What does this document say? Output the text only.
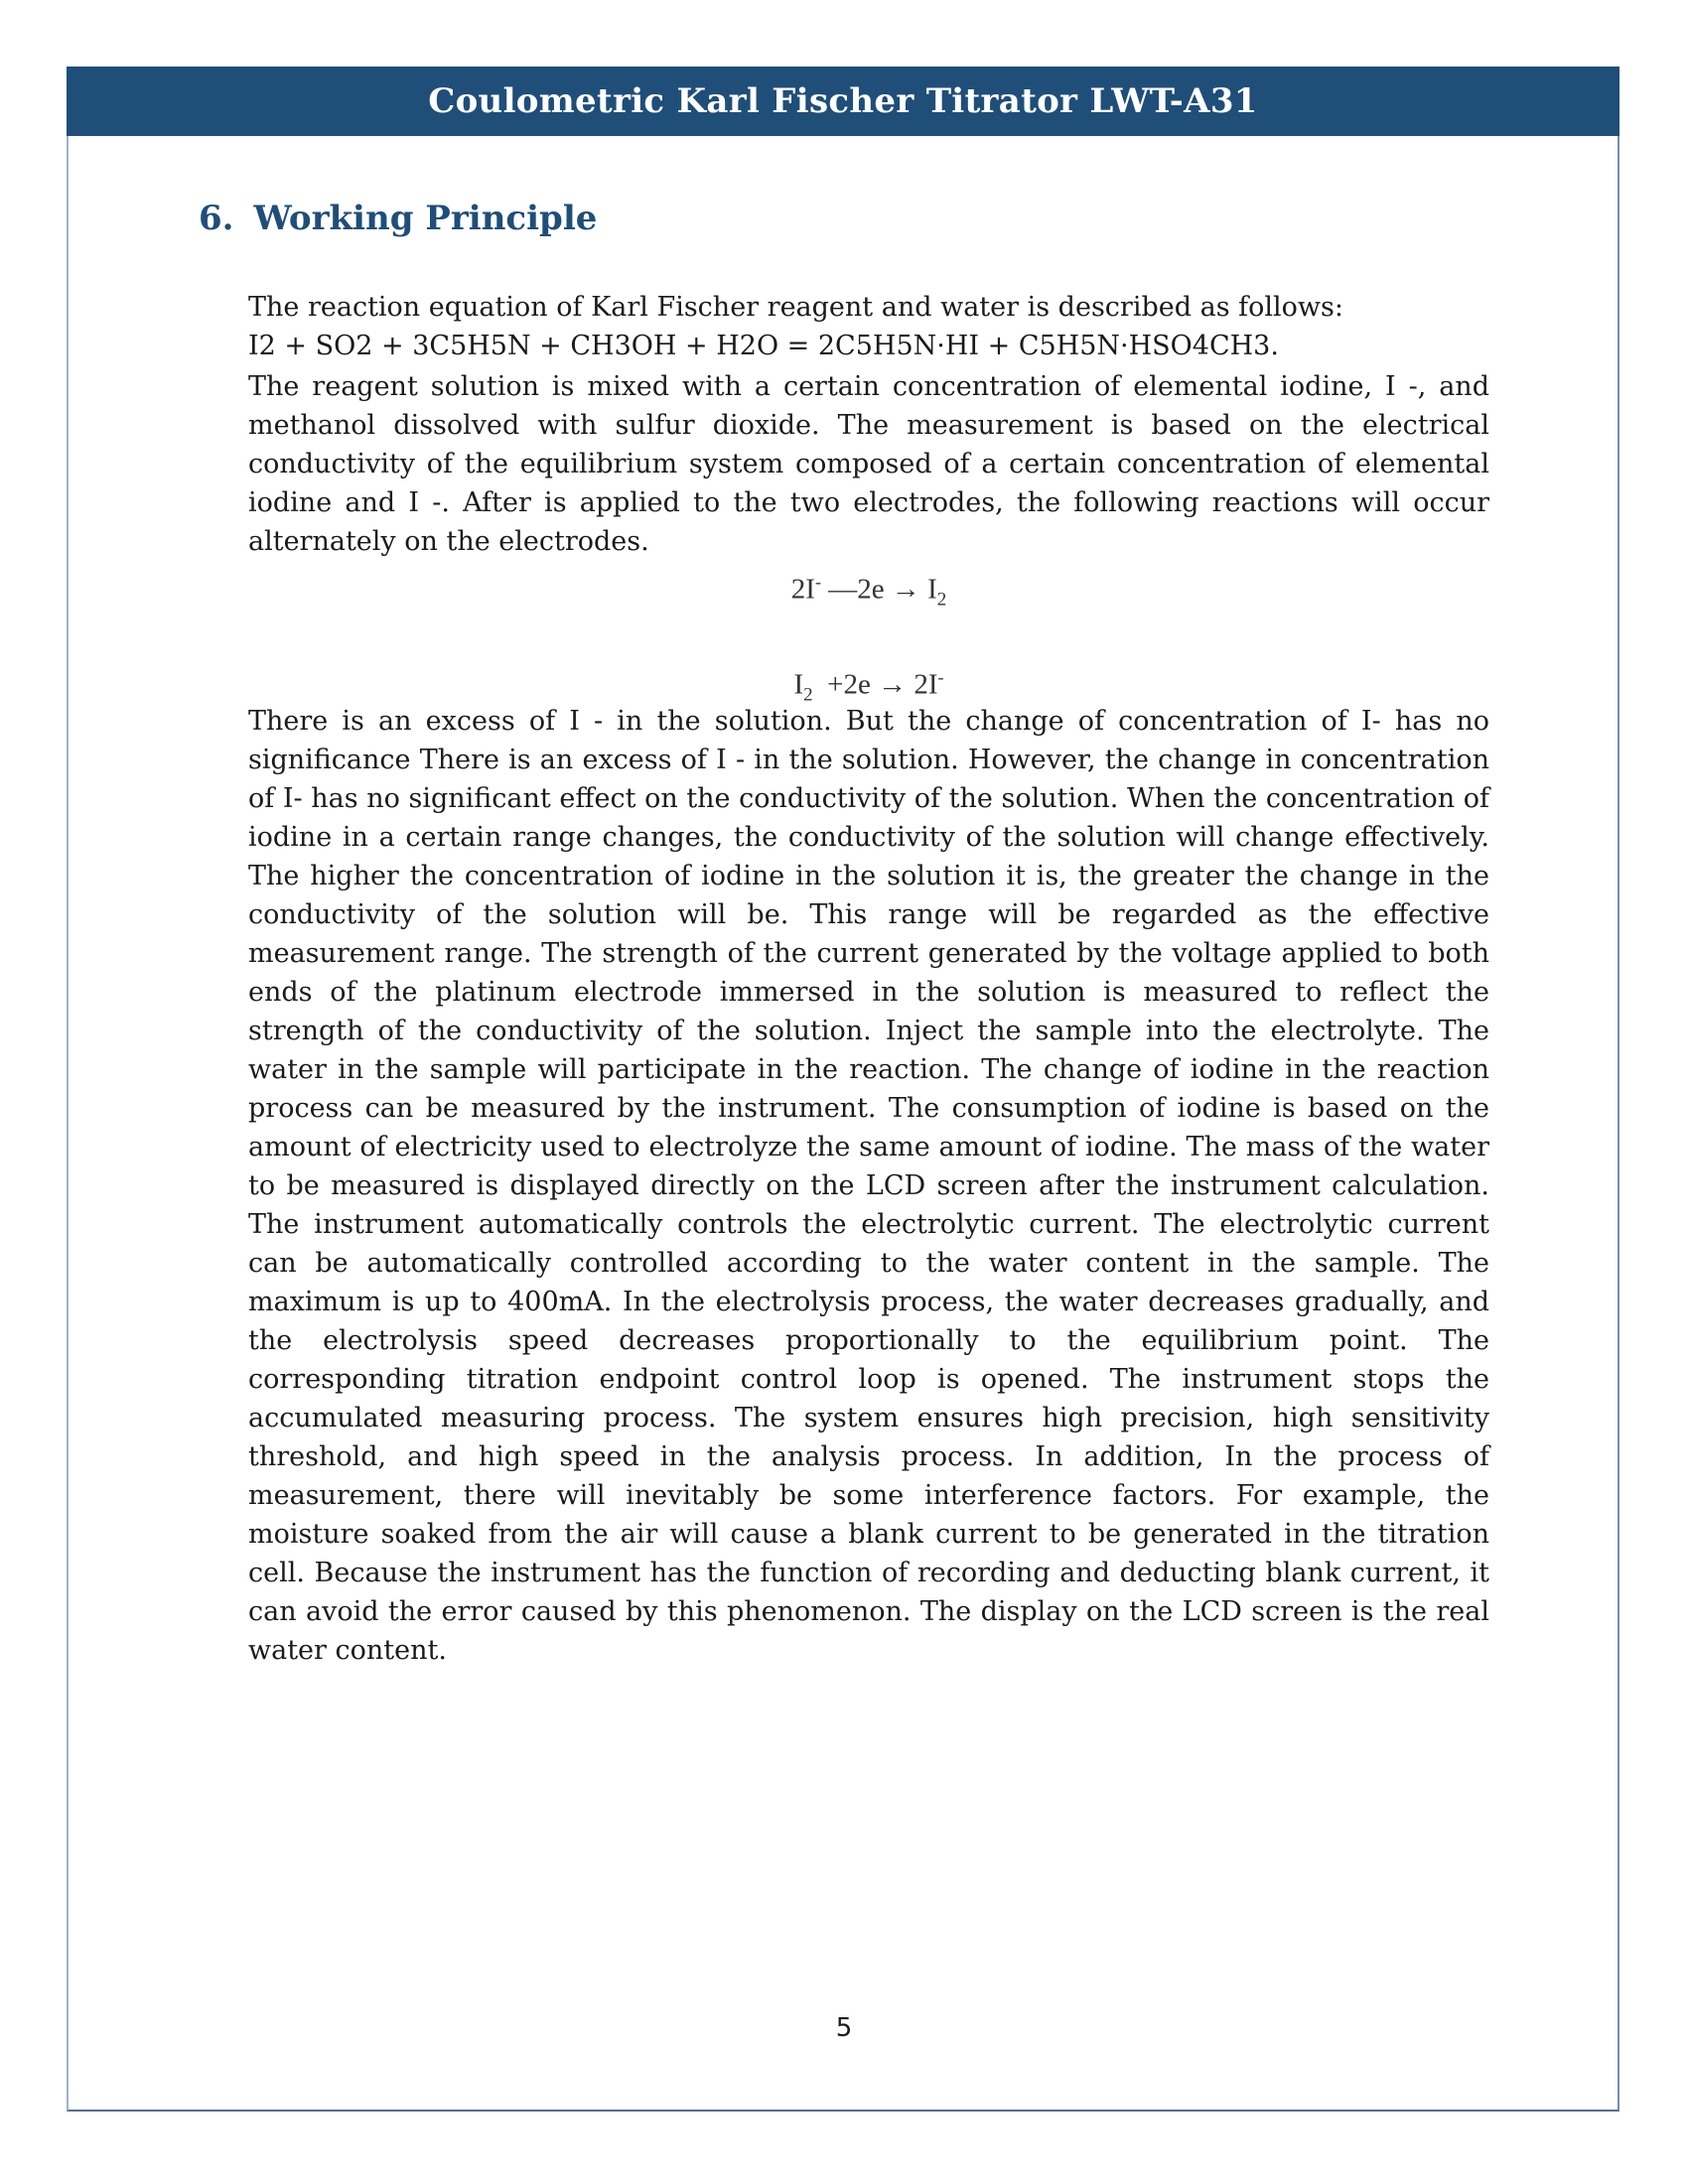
Coulometric Karl Fischer Titrator LWT-A31
6. Working Principle

The reaction equation of Karl Fischer reagent and water is described as follows:

I2 + SO2 + 3C5H5N + CH3OH + H2O = 2C5H5N·HI + C5H5N·HSO4CH3.

The reagent solution is mixed with a certain concentration of elemental iodine, I -, and methanol dissolved with sulfur dioxide. The measurement is based on the electrical conductivity of the equilibrium system composed of a certain concentration of elemental iodine and I -. After is applied to the two electrodes, the following reactions will occur alternately on the electrodes.

2I- —2e → $I_2$
$I_2 +2e \to 2I^-$

There is an excess of I - in the solution. But the change of concentration of I- has no significance There is an excess of I - in the solution. However, the change in concentration of I- has no significant effect on the conductivity of the solution. When the concentration of iodine in a certain range changes, the conductivity of the solution will change effectively. The higher the concentration of iodine in the solution it is, the greater the change in the conductivity of the solution will be. This range will be regarded as the effective measurement range. The strength of the current generated by the voltage applied to both ends of the platinum electrode immersed in the solution is measured to reflect the strength of the conductivity of the solution. Inject the sample into the electrolyte. The water in the sample will participate in the reaction. The change of iodine in the reaction process can be measured by the instrument. The consumption of iodine is based on the amount of electricity used to electrolyze the same amount of iodine. The mass of the water to be measured is displayed directly on the LCD screen after the instrument calculation. The instrument automatically controls the electrolytic current. The electrolytic current can be automatically controlled according to the water content in the sample. The maximum is up to 400mA. In the electrolysis process, the water decreases gradually, and the electrolysis speed decreases proportionally to the equilibrium point. The corresponding titration endpoint control loop is opened. The instrument stops the accumulated measuring process. The system ensures high precision, high sensitivity threshold, and high speed in the analysis process. In addition, In the process of measurement, there will inevitably be some interference factors. For example, the moisture soaked from the air will cause a blank current to be generated in the titration cell. Because the instrument has the function of recording and deducting blank current, it can avoid the error caused by this phenomenon. The display on the LCD screen is the real water content.

5
